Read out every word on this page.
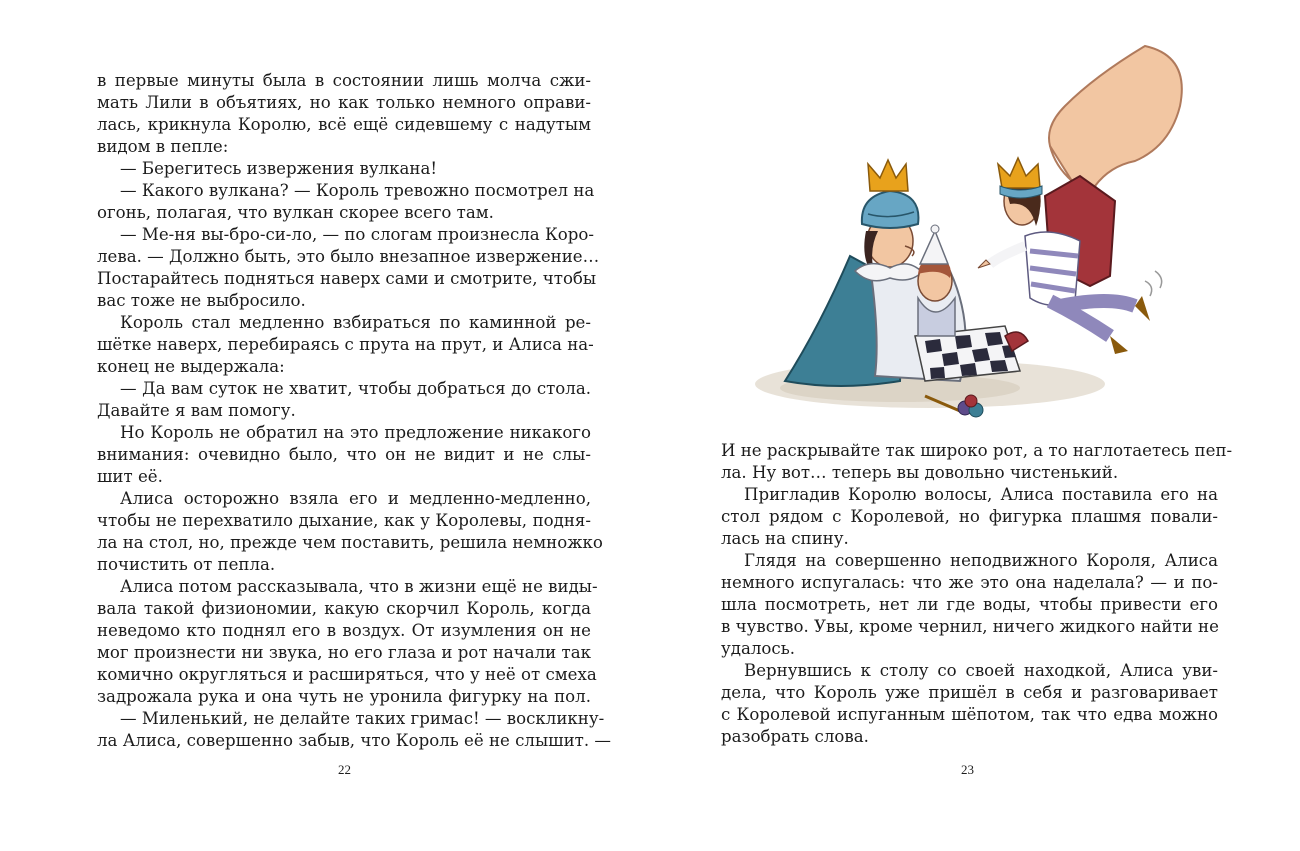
в первые минуты была в состоянии лишь молча сжи-
мать Лили в объятиях, но как только немного оправи-
лась, крикнула Королю, всё ещё сидевшему с надутым
видом в пепле:
— Берегитесь извержения вулкана!
— Какого вулкана? — Король тревожно посмотрел на
огонь, полагая, что вулкан скорее всего там.
— Ме-ня вы-бро-си-ло, — по слогам произнесла Коро-
лева. — Должно быть, это было внезапное извержение…
Постарайтесь подняться наверх сами и смотрите, чтобы
вас тоже не выбросило.
Король стал медленно взбираться по каминной ре-
шётке наверх, перебираясь с прута на прут, и Алиса на-
конец не выдержала:
— Да вам суток не хватит, чтобы добраться до стола.
Давайте я вам помогу.
Но Король не обратил на это предложение никакого
внимания: очевидно было, что он не видит и не слы-
шит её.
Алиса осторожно взяла его и медленно-медленно,
чтобы не перехватило дыхание, как у Королевы, подня-
ла на стол, но, прежде чем поставить, решила немножко
почистить от пепла.
Алиса потом рассказывала, что в жизни ещё не виды-
вала такой физиономии, какую скорчил Король, когда
неведомо кто поднял его в воздух. От изумления он не
мог произнести ни звука, но его глаза и рот начали так
комично округляться и расширяться, что у неё от смеха
задрожала рука и она чуть не уронила фигурку на пол.
— Миленький, не делайте таких гримас! — воскликну-
ла Алиса, совершенно забыв, что Король её не слышит. —
22
И не раскрывайте так широко рот, а то наглотаетесь пеп-
ла. Ну вот… теперь вы довольно чистенький.
Пригладив Королю волосы, Алиса поставила его на
стол рядом с Королевой, но фигурка плашмя повали-
лась на спину.
Глядя на совершенно неподвижного Короля, Алиса
немного испугалась: что же это она наделала? — и по-
шла посмотреть, нет ли где воды, чтобы привести его
в чувство. Увы, кроме чернил, ничего жидкого найти не
удалось.
Вернувшись к столу со своей находкой, Алиса уви-
дела, что Король уже пришёл в себя и разговаривает
с Королевой испуганным шёпотом, так что едва можно
разобрать слова.
23
